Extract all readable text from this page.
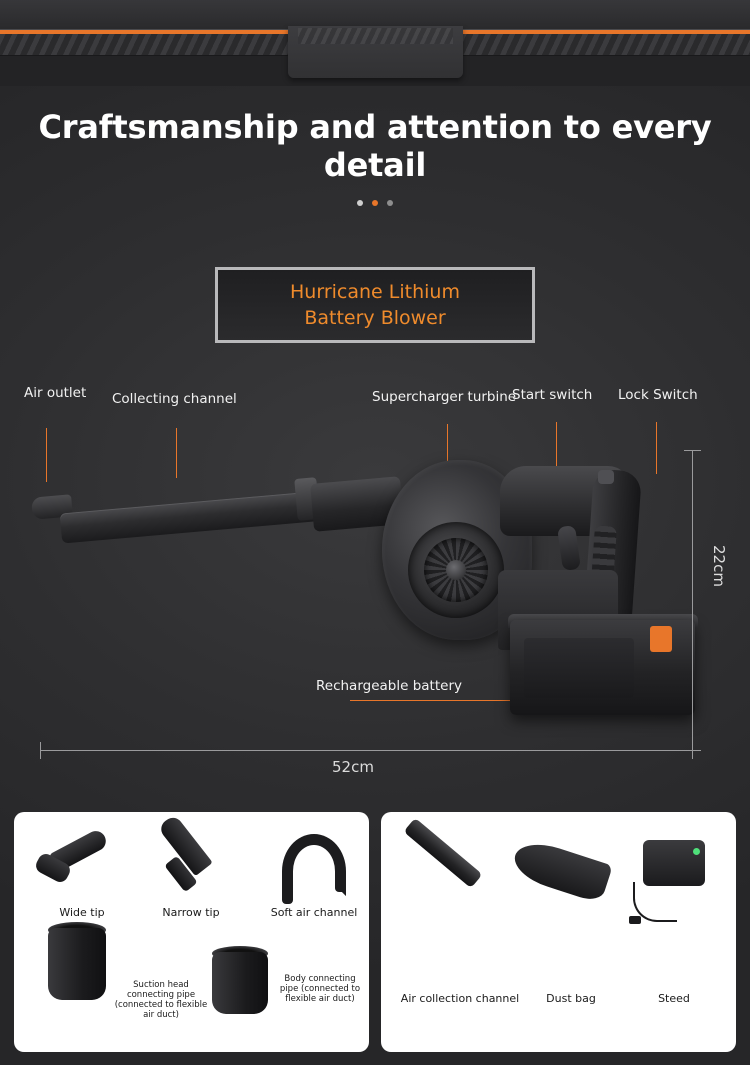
Craftsmanship and attention to every detail
Hurricane Lithium
Battery Blower
Air outlet Collecting channel	Supercharger turbine
Start switch Lock Switch
Rechargeable battery
22cm
52cm
Wide tip	Narrow tip	Soft air channel
Suction head connecting pipe (connected to flexible air duct)
Body connecting pipe (connected to flexible air duct)	Air collection channel	Dust bag	Steed
